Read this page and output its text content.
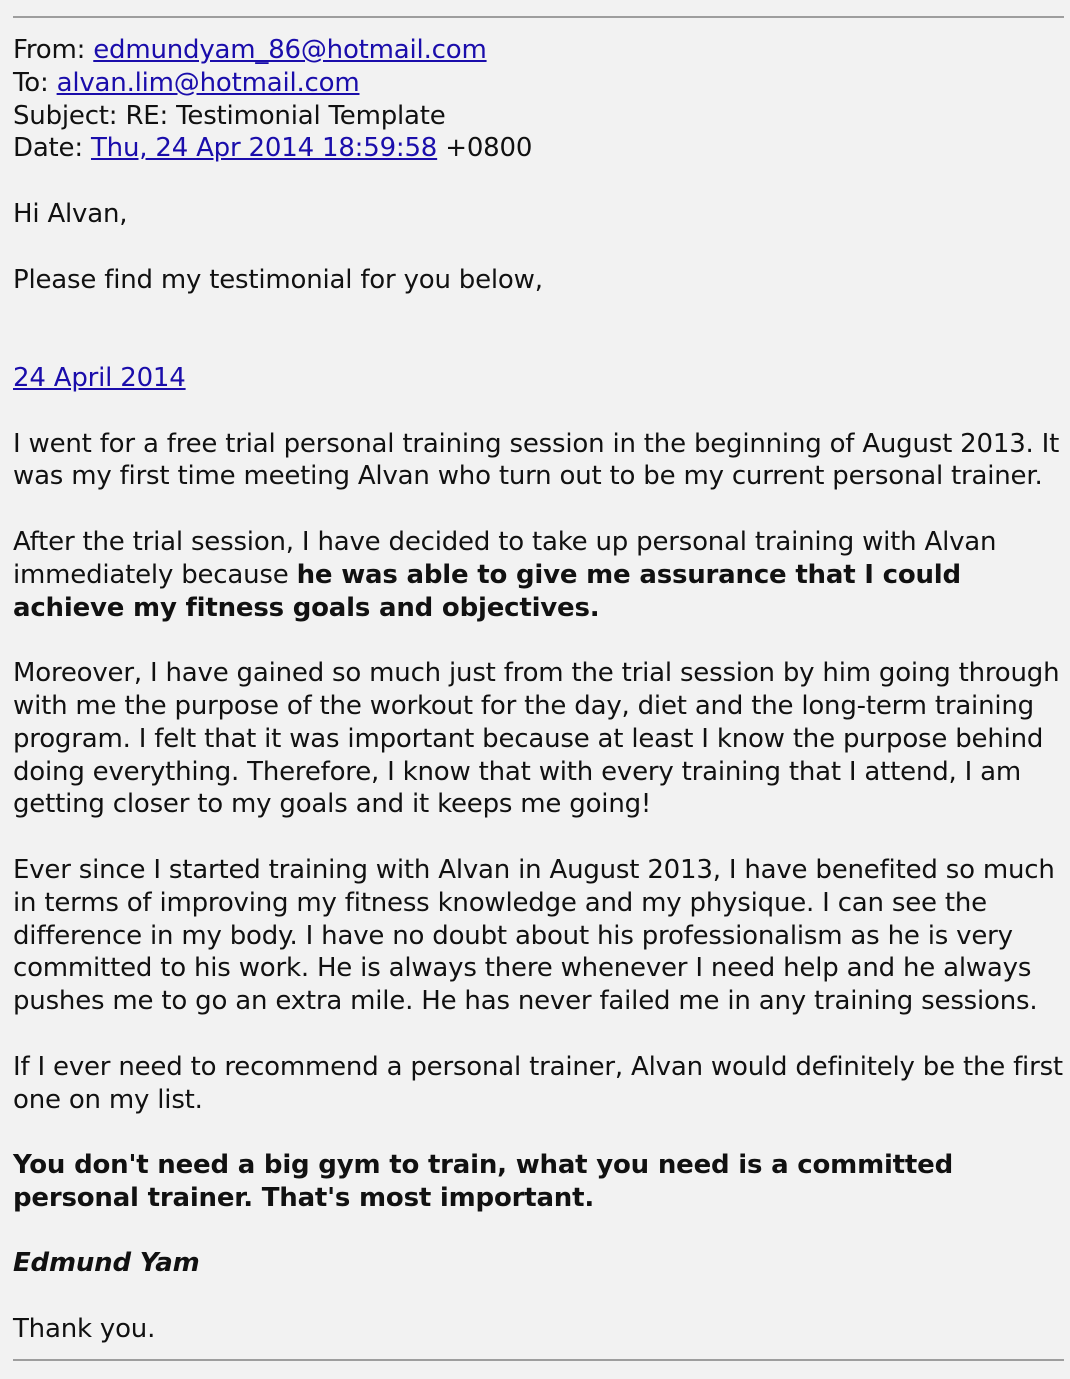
From: edmundyam_86@hotmail.com
To: alvan.lim@hotmail.com
Subject: RE: Testimonial Template
Date: Thu, 24 Apr 2014 18:59:58 +0800

Hi Alvan,

Please find my testimonial for you below,

24 April 2014

I went for a free trial personal training session in the beginning of August 2013. It was my first time meeting Alvan who turn out to be my current personal trainer.

After the trial session, I have decided to take up personal training with Alvan immediately because he was able to give me assurance that I could achieve my fitness goals and objectives.

Moreover, I have gained so much just from the trial session by him going through with me the purpose of the workout for the day, diet and the long-term training program. I felt that it was important because at least I know the purpose behind doing everything. Therefore, I know that with every training that I attend, I am getting closer to my goals and it keeps me going!

Ever since I started training with Alvan in August 2013, I have benefited so much in terms of improving my fitness knowledge and my physique. I can see the difference in my body. I have no doubt about his professionalism as he is very committed to his work. He is always there whenever I need help and he always pushes me to go an extra mile. He has never failed me in any training sessions.

If I ever need to recommend a personal trainer, Alvan would definitely be the first one on my list.

You don't need a big gym to train, what you need is a committed personal trainer. That's most important.

Edmund Yam

Thank you.
